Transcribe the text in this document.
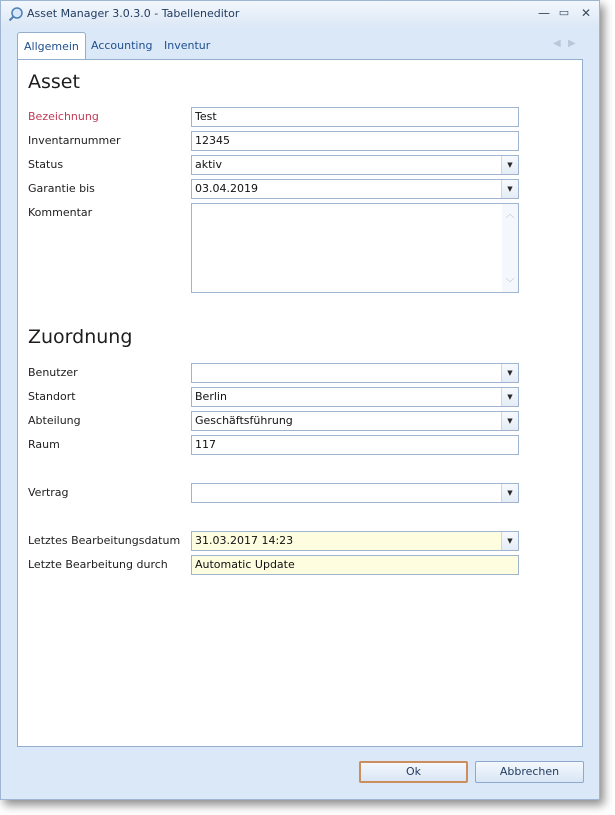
Asset Manager 3.0.3.0 - Tabelleneditor	— ▭ ✕
Allgemein	Accounting	Inventur	◀ ▶
Asset
Bezeichnung	Test
Inventarnummer	12345
Status	aktiv	▼
Garantie bis	03.04.2019	▼
Kommentar	︿
﹀
Zuordnung
Benutzer	▼
Standort	Berlin	▼
Abteilung	Geschäftsführung	▼
Raum	117
Vertrag	▼
Letztes Bearbeitungsdatum	31.03.2017 14:23	▼
Letzte Bearbeitung durch	Automatic Update
Ok	Abbrechen
